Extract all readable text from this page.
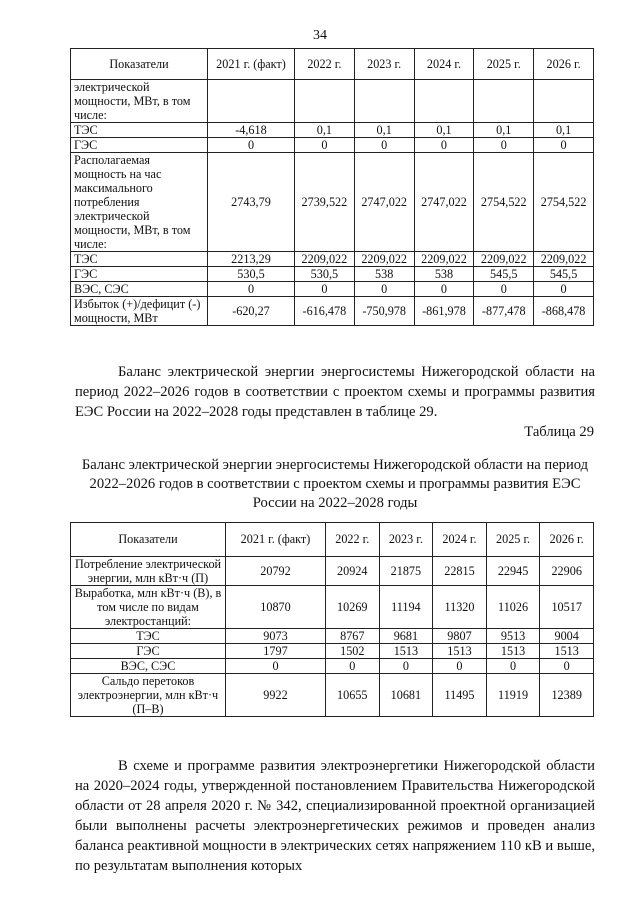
34
Показатели	2021 г. (факт)	2022 г.	2023 г.	2024 г.	2025 г.	2026 г.
электрической мощности, МВт, в том числе:						
ТЭС	-4,618	0,1	0,1	0,1	0,1	0,1
ГЭС	0	0	0	0	0	0
Располагаемая мощность на час максимального потребления электрической мощности, МВт, в том числе:	2743,79	2739,522	2747,022	2747,022	2754,522	2754,522
ТЭС	2213,29	2209,022	2209,022	2209,022	2209,022	2209,022
ГЭС	530,5	530,5	538	538	545,5	545,5
ВЭС, СЭС	0	0	0	0	0	0
Избыток (+)/дефицит (-) мощности, МВт	-620,27	-616,478	-750,978	-861,978	-877,478	-868,478

Баланс электрической энергии энергосистемы Нижегородской области на период 2022–2026 годов в соответствии с проектом схемы и программы развития ЕЭС России на 2022–2028 годы представлен в таблице 29.

Таблица 29
Баланс электрической энергии энергосистемы Нижегородской области на период 2022–2026 годов в соответствии с проектом схемы и программы развития ЕЭС России на 2022–2028 годы
Показатели	2021 г. (факт)	2022 г.	2023 г.	2024 г.	2025 г.	2026 г.
Потребление электрической энергии, млн кВт·ч (П)	20792	20924	21875	22815	22945	22906
Выработка, млн кВт·ч (В), в том числе по видам электростанций:	10870	10269	11194	11320	11026	10517
ТЭС	9073	8767	9681	9807	9513	9004
ГЭС	1797	1502	1513	1513	1513	1513
ВЭС, СЭС	0	0	0	0	0	0
Сальдо перетоков электроэнергии, млн кВт·ч (П–В)	9922	10655	10681	11495	11919	12389

В схеме и программе развития электроэнергетики Нижегородской области на 2020–2024 годы, утвержденной постановлением Правительства Нижегородской области от 28 апреля 2020 г. № 342, специализированной проектной организацией были выполнены расчеты электроэнергетических режимов и проведен анализ баланса реактивной мощности в электрических сетях напряжением 110 кВ и выше, по результатам выполнения которых
